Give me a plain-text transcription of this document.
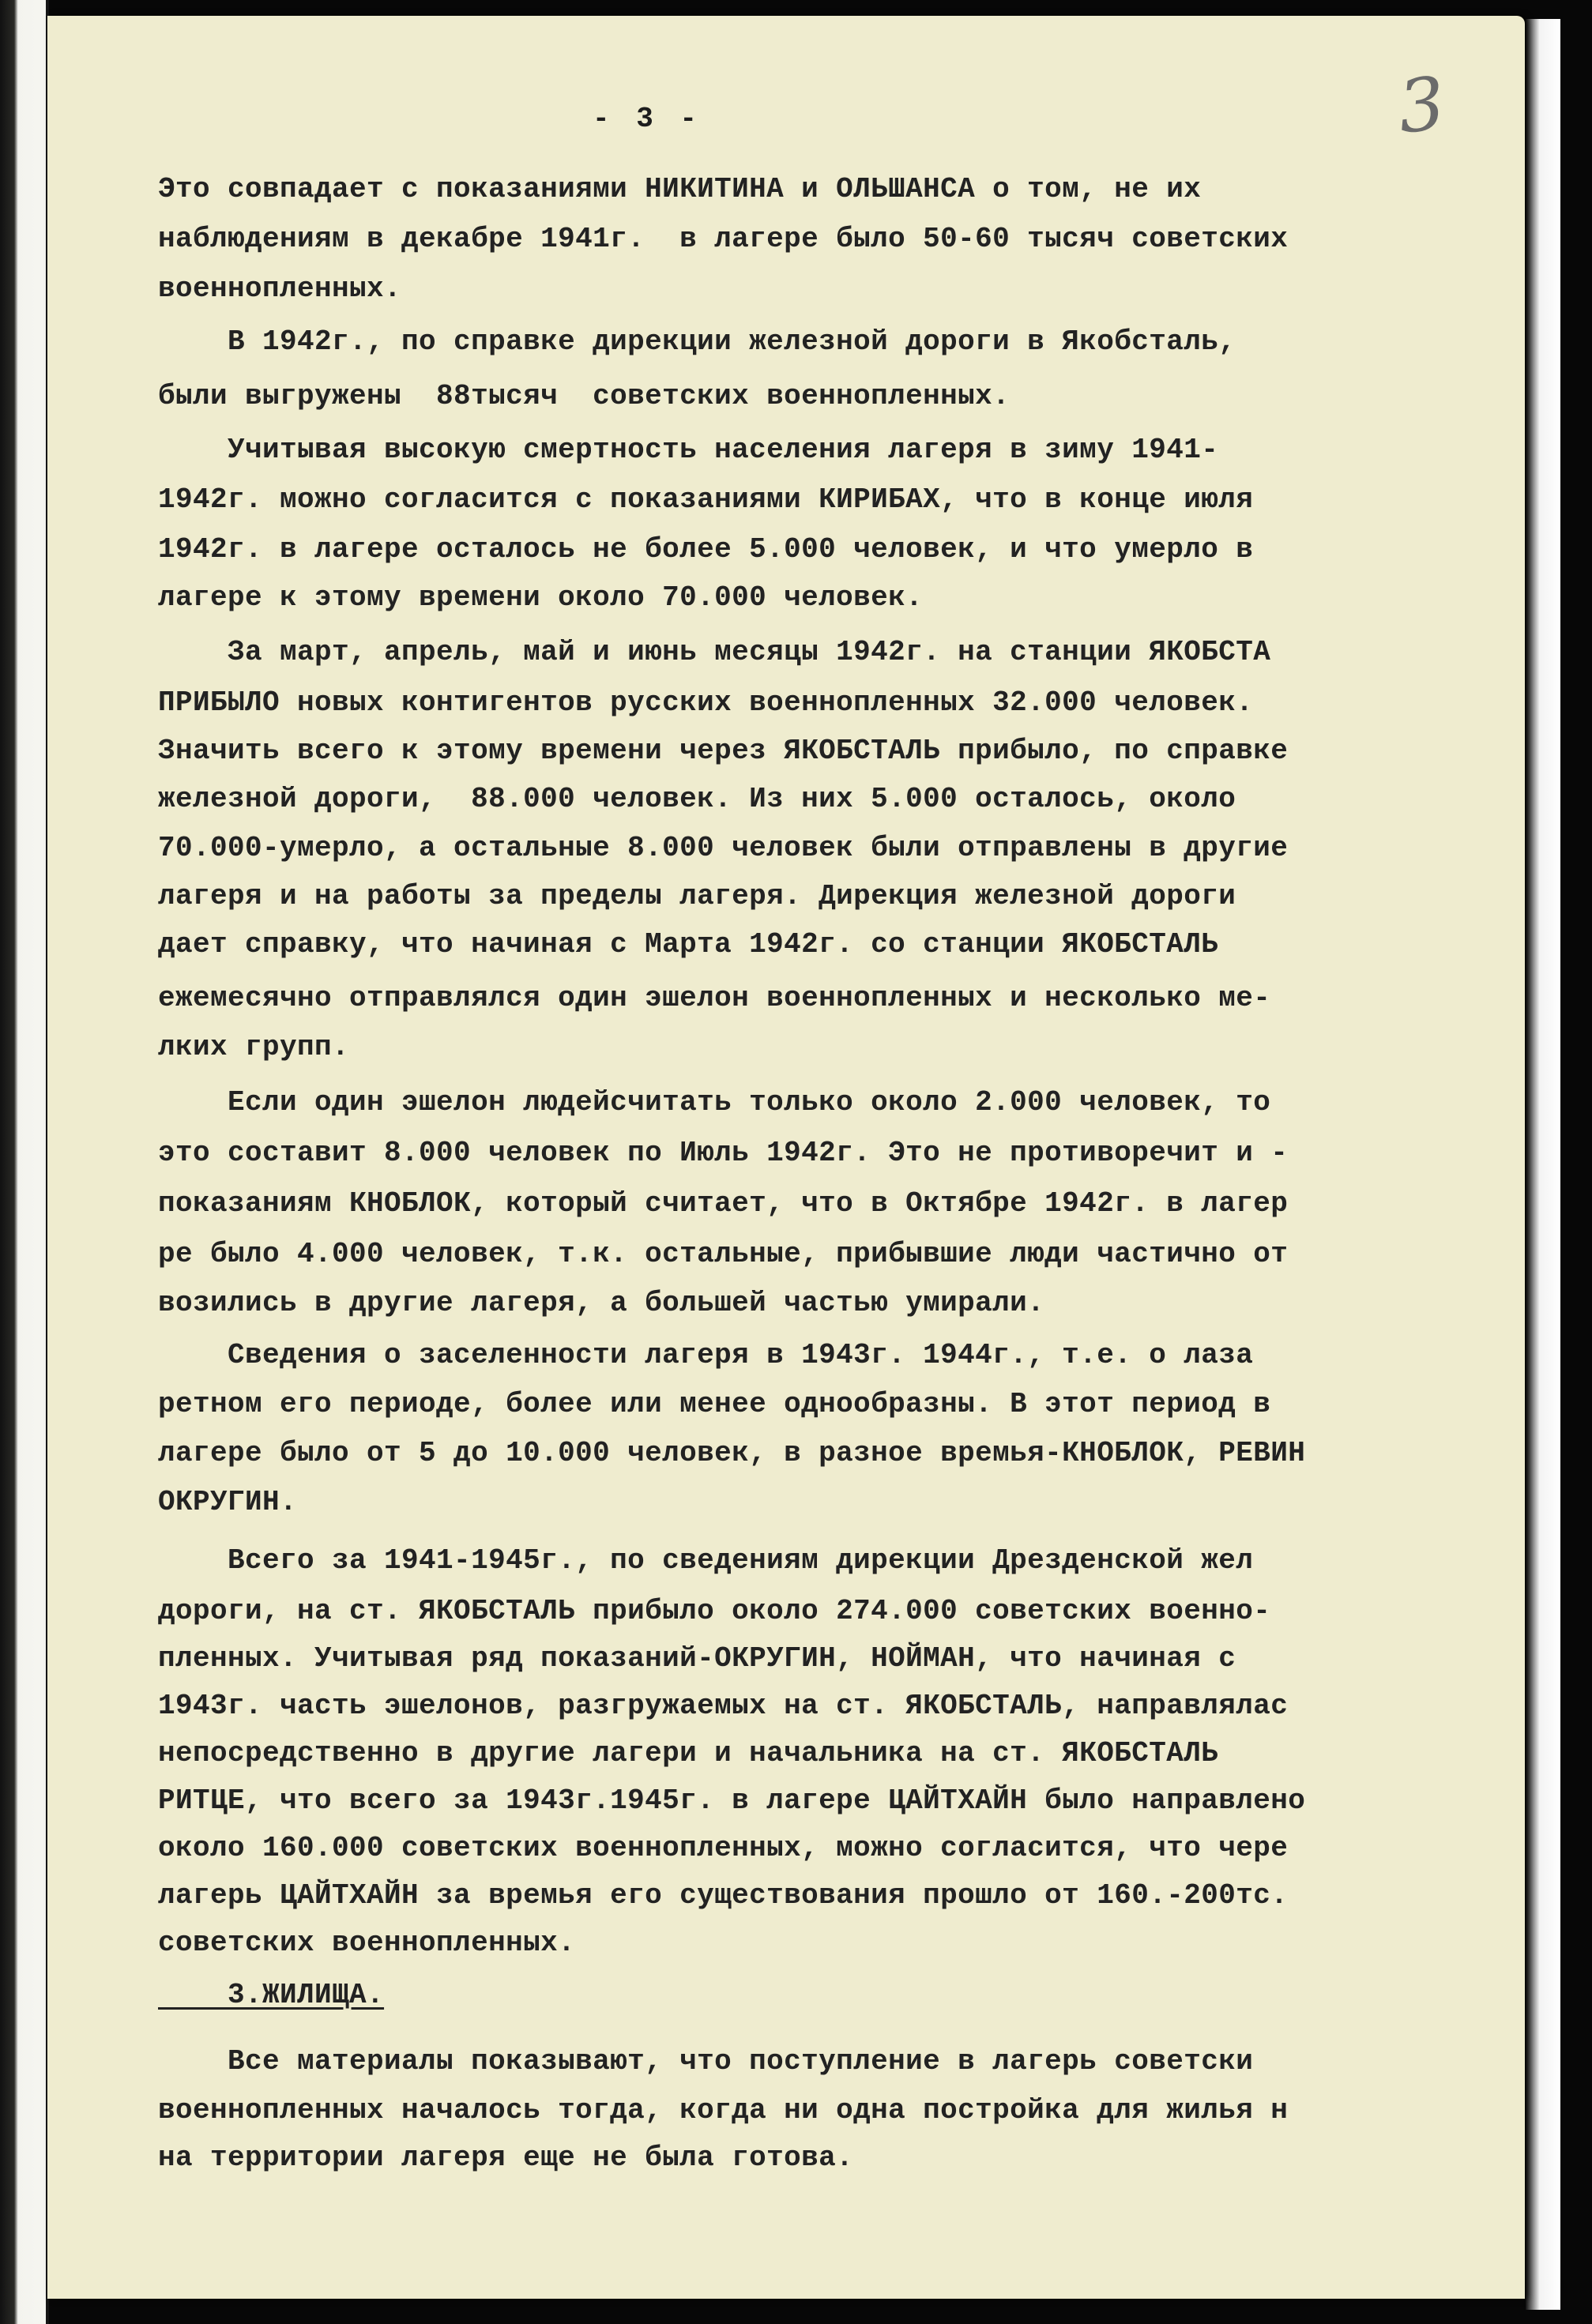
- 3 -	3
Это совпадает с показаниями НИКИТИНА и ОЛЬШАНСА о том, не их
наблюдениям в декабре 1941г.  в лагере было 50-60 тысяч советских
военнопленных.
В 1942г., по справке дирекции железной дороги в Якобсталь,
были выгружены  88тысяч  советских военнопленных.
Учитывая высокую смертность населения лагеря в зиму 1941-
1942г. можно согласится с показаниями КИРИБАХ, что в конце июля
1942г. в лагере осталось не более 5.000 человек, и что умерло в
лагере к этому времени около 70.000 человек.
За март, апрель, май и июнь месяцы 1942г. на станции ЯКОБСТА
ПРИБЫЛО новых контигентов русских военнопленных 32.000 человек.
Значить всего к этому времени через ЯКОБСТАЛЬ прибыло, по справке
железной дороги,  88.000 человек. Из них 5.000 осталось, около
70.000-умерло, а остальные 8.000 человек были отправлены в другие
лагеря и на работы за пределы лагеря. Дирекция железной дороги
дает справку, что начиная с Марта 1942г. со станции ЯКОБСТАЛЬ
ежемесячно отправлялся один эшелон военнопленных и несколько ме-
лких групп.
Если один эшелон людейсчитать только около 2.000 человек, то
это составит 8.000 человек по Июль 1942г. Это не противоречит и -
показаниям КНОБЛОК, который считает, что в Октябре 1942г. в лагер
ре было 4.000 человек, т.к. остальные, прибывшие люди частично от
возились в другие лагеря, а большей частью умирали.
Сведения о заселенности лагеря в 1943г. 1944г., т.е. о лаза
ретном его периоде, более или менее однообразны. В этот период в
лагере было от 5 до 10.000 человек, в разное времья-КНОБЛОК, РЕВИН
ОКРУГИН.
Всего за 1941-1945г., по сведениям дирекции Дрезденской жел
дороги, на ст. ЯКОБСТАЛЬ прибыло около 274.000 советских военно-
пленных. Учитывая ряд показаний-ОКРУГИН, НОЙМАН, что начиная с
1943г. часть эшелонов, разгружаемых на ст. ЯКОБСТАЛЬ, направлялас
непосредственно в другие лагери и начальника на ст. ЯКОБСТАЛЬ
РИТЦЕ, что всего за 1943г.1945г. в лагере ЦАЙТХАЙН было направлено
около 160.000 советских военнопленных, можно согласится, что чере
лагерь ЦАЙТХАЙН за времья его существования прошло от 160.-200тс.
советских военнопленных.
3.ЖИЛИЩА.
Все материалы показывают, что поступление в лагерь советски
военнопленных началось тогда, когда ни одна постройка для жилья н
на территории лагеря еще не была готова.
